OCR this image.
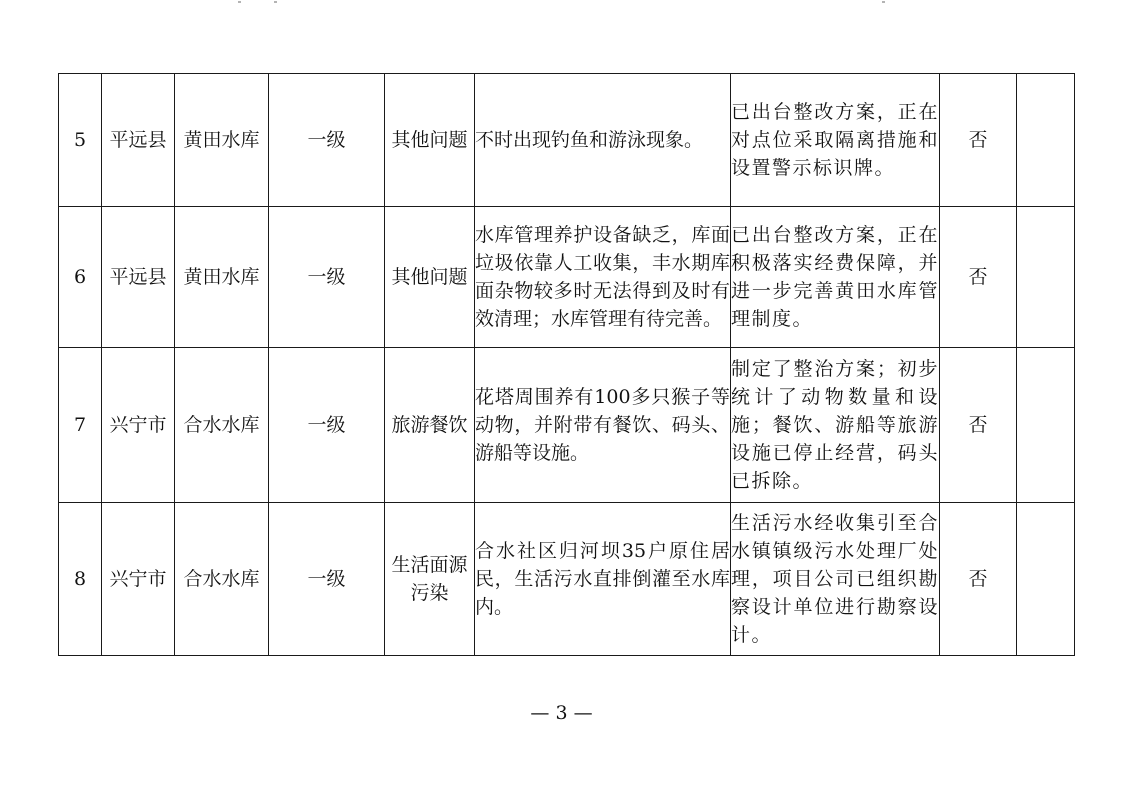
5	平远县	黄田水库	一级	其他问题	不时出现钓鱼和游泳现象。	已出台整改方案，正在对点位采取隔离措施和设置警示标识牌。	否	
6	平远县	黄田水库	一级	其他问题	水库管理养护设备缺乏，库面垃圾依靠人工收集，丰水期库面杂物较多时无法得到及时有效清理；水库管理有待完善。	已出台整改方案，正在积极落实经费保障，并进一步完善黄田水库管理制度。	否	
7	兴宁市	合水水库	一级	旅游餐饮	花塔周围养有100多只猴子等动物，并附带有餐饮、码头、游船等设施。	制定了整治方案；初步统计了动物数量和设施；餐饮、游船等旅游设施已停止经营，码头已拆除。	否	
8	兴宁市	合水水库	一级	生活面源污染	合水社区归河坝35户原住居民，生活污水直排倒灌至水库内。	生活污水经收集引至合水镇镇级污水处理厂处理，项目公司已组织勘察设计单位进行勘察设计。	否	
— 3 —
